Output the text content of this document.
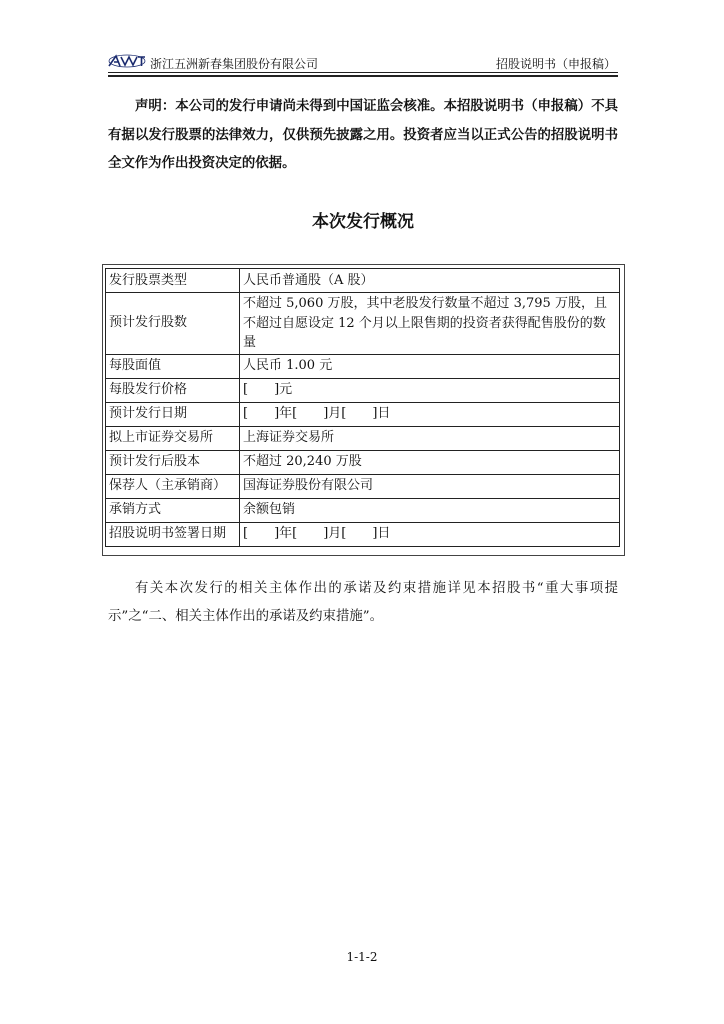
浙江五洲新春集团股份有限公司	招股说明书（申报稿）
声明：本公司的发行申请尚未得到中国证监会核准。本招股说明书（申报稿）不具有据以发行股票的法律效力，仅供预先披露之用。投资者应当以正式公告的招股说明书全文作为作出投资决定的依据。
本次发行概况
发行股票类型	人民币普通股（A 股）
预计发行股数	不超过 5,060 万股，其中老股发行数量不超过 3,795 万股，且不超过自愿设定 12 个月以上限售期的投资者获得配售股份的数量
每股面值	人民币 1.00 元
每股发行价格	[　　]元
预计发行日期	[　　]年[　　]月[　　]日
拟上市证券交易所	上海证券交易所
预计发行后股本	不超过 20,240 万股
保荐人（主承销商）	国海证券股份有限公司
承销方式	余额包销
招股说明书签署日期	[　　]年[　　]月[　　]日
有关本次发行的相关主体作出的承诺及约束措施详见本招股书“重大事项提示”之“二、相关主体作出的承诺及约束措施”。
1-1-2
